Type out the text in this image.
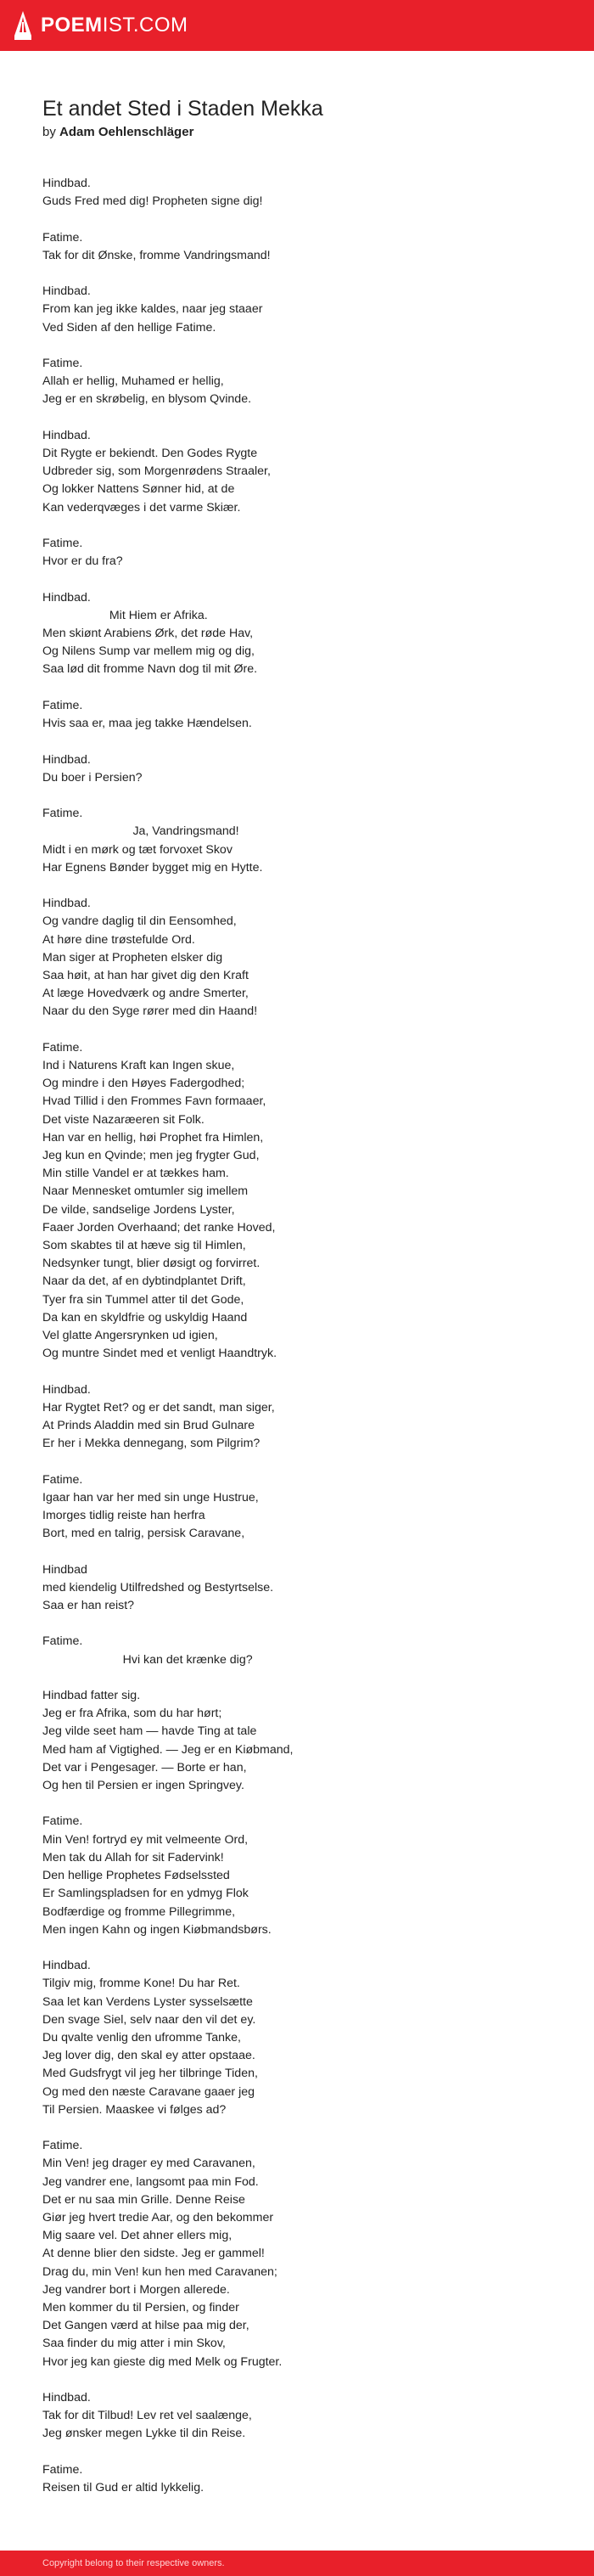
POEM IST.COM
Et andet Sted i Staden Mekka
by Adam Oehlenschläger
Hindbad.
Guds Fred med dig! Propheten signe dig!

Fatime.
Tak for dit Ønske, fromme Vandringsmand!

Hindbad.
From kan jeg ikke kaldes, naar jeg staaer
Ved Siden af den hellige Fatime.

Fatime.
Allah er hellig, Muhamed er hellig,
Jeg er en skrøbelig, en blysom Qvinde.

Hindbad.
Dit Rygte er bekiendt. Den Godes Rygte
Udbreder sig, som Morgenrødens Straaler,
Og lokker Nattens Sønner hid, at de
Kan vederqvæges i det varme Skiær.

Fatime.
Hvor er du fra?

Hindbad.
Mit Hiem er Afrika.
Men skiønt Arabiens Ørk, det røde Hav,
Og Nilens Sump var mellem mig og dig,
Saa lød dit fromme Navn dog til mit Øre.

Fatime.
Hvis saa er, maa jeg takke Hændelsen.

Hindbad.
Du boer i Persien?

Fatime.
Ja, Vandringsmand!
Midt i en mørk og tæt forvoxet Skov
Har Egnens Bønder bygget mig en Hytte.

Hindbad.
Og vandre daglig til din Eensomhed,
At høre dine trøstefulde Ord.
Man siger at Propheten elsker dig
Saa høit, at han har givet dig den Kraft
At læge Hovedværk og andre Smerter,
Naar du den Syge rører med din Haand!

Fatime.
Ind i Naturens Kraft kan Ingen skue,
Og mindre i den Høyes Fadergodhed;
Hvad Tillid i den Frommes Favn formaaer,
Det viste Nazaræeren sit Folk.
Han var en hellig, høi Prophet fra Himlen,
Jeg kun en Qvinde; men jeg frygter Gud,
Min stille Vandel er at tækkes ham.
Naar Mennesket omtumler sig imellem
De vilde, sandselige Jordens Lyster,
Faaer Jorden Overhaand; det ranke Hoved,
Som skabtes til at hæve sig til Himlen,
Nedsynker tungt, blier døsigt og forvirret.
Naar da det, af en dybtindplantet Drift,
Tyer fra sin Tummel atter til det Gode,
Da kan en skyldfrie og uskyldig Haand
Vel glatte Angersrynken ud igien,
Og muntre Sindet med et venligt Haandtryk.

Hindbad.
Har Rygtet Ret? og er det sandt, man siger,
At Prinds Aladdin med sin Brud Gulnare
Er her i Mekka dennegang, som Pilgrim?

Fatime.
Igaar han var her med sin unge Hustrue,
Imorges tidlig reiste han herfra
Bort, med en talrig, persisk Caravane,

Hindbad
med kiendelig Utilfredshed og Bestyrtselse.
Saa er han reist?

Fatime.
Hvi kan det krænke dig?

Hindbad fatter sig.
Jeg er fra Afrika, som du har hørt;
Jeg vilde seet ham — havde Ting at tale
Med ham af Vigtighed. — Jeg er en Kiøbmand,
Det var i Pengesager. — Borte er han,
Og hen til Persien er ingen Springvey.

Fatime.
Min Ven! fortryd ey mit velmeente Ord,
Men tak du Allah for sit Fadervink!
Den hellige Prophetes Fødselssted
Er Samlingspladsen for en ydmyg Flok
Bodfærdige og fromme Pillegrimme,
Men ingen Kahn og ingen Kiøbmandsbørs.

Hindbad.
Tilgiv mig, fromme Kone! Du har Ret.
Saa let kan Verdens Lyster sysselsætte
Den svage Siel, selv naar den vil det ey.
Du qvalte venlig den ufromme Tanke,
Jeg lover dig, den skal ey atter opstaae.
Med Gudsfrygt vil jeg her tilbringe Tiden,
Og med den næste Caravane gaaer jeg
Til Persien. Maaskee vi følges ad?

Fatime.
Min Ven! jeg drager ey med Caravanen,
Jeg vandrer ene, langsomt paa min Fod.
Det er nu saa min Grille. Denne Reise
Giør jeg hvert tredie Aar, og den bekommer
Mig saare vel. Det ahner ellers mig,
At denne blier den sidste. Jeg er gammel!
Drag du, min Ven! kun hen med Caravanen;
Jeg vandrer bort i Morgen allerede.
Men kommer du til Persien, og finder
Det Gangen værd at hilse paa mig der,
Saa finder du mig atter i min Skov,
Hvor jeg kan gieste dig med Melk og Frugter.

Hindbad.
Tak for dit Tilbud! Lev ret vel saalænge,
Jeg ønsker megen Lykke til din Reise.

Fatime.
Reisen til Gud er altid lykkelig.
Copyright belong to their respective owners.
